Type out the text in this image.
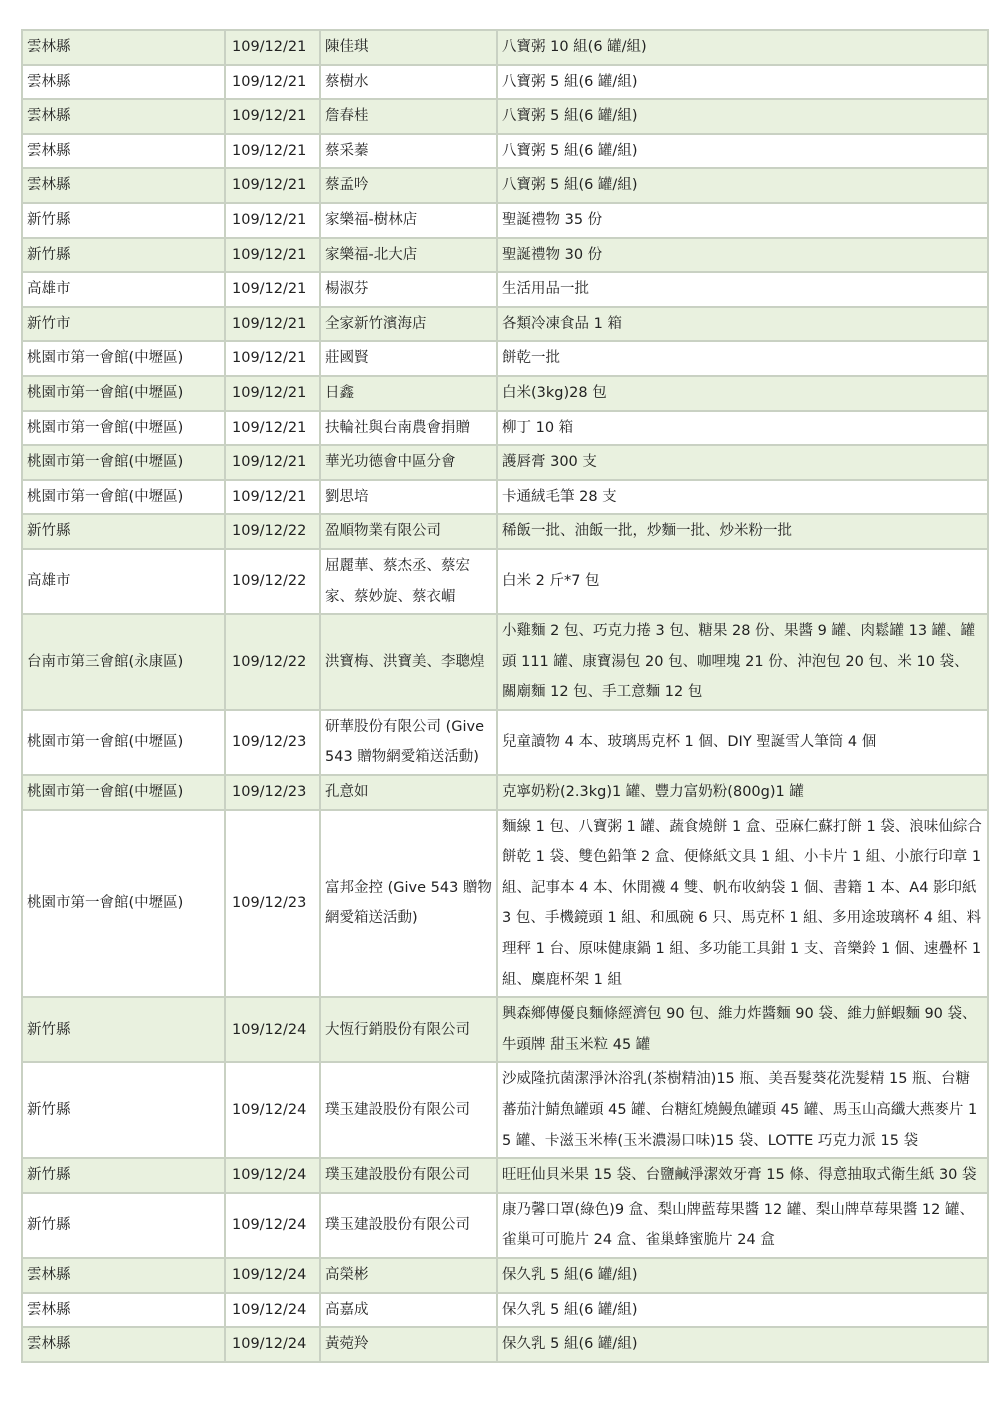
雲林縣	109/12/21	陳佳琪	八寶粥 10 組(6 罐/組)
雲林縣	109/12/21	蔡樹水	八寶粥 5 組(6 罐/組)
雲林縣	109/12/21	詹春桂	八寶粥 5 組(6 罐/組)
雲林縣	109/12/21	蔡采蓁	八寶粥 5 組(6 罐/組)
雲林縣	109/12/21	蔡孟吟	八寶粥 5 組(6 罐/組)
新竹縣	109/12/21	家樂福-樹林店	聖誕禮物 35 份
新竹縣	109/12/21	家樂福-北大店	聖誕禮物 30 份
高雄市	109/12/21	楊淑芬	生活用品一批
新竹市	109/12/21	全家新竹濱海店	各類冷凍食品 1 箱
桃園市第一會館(中壢區)	109/12/21	莊國賢	餅乾一批
桃園市第一會館(中壢區)	109/12/21	日鑫	白米(3kg)28 包
桃園市第一會館(中壢區)	109/12/21	扶輪社與台南農會捐贈	柳丁 10 箱
桃園市第一會館(中壢區)	109/12/21	華光功德會中區分會	護唇膏 300 支
桃園市第一會館(中壢區)	109/12/21	劉思培	卡通絨毛筆 28 支
新竹縣	109/12/22	盈順物業有限公司	稀飯一批、油飯一批，炒麵一批、炒米粉一批
高雄市	109/12/22	屈麗華、蔡杰丞、蔡宏家、蔡妙旋、蔡衣嵋	白米 2 斤*7 包
台南市第三會館(永康區)	109/12/22	洪寶梅、洪寶美、李聰煌	小雞麵 2 包、巧克力捲 3 包、糖果 28 份、果醬 9 罐、肉鬆罐 13 罐、罐頭 111 罐、康寶湯包 20 包、咖哩塊 21 份、沖泡包 20 包、米 10 袋、關廟麵 12 包、手工意麵 12 包
桃園市第一會館(中壢區)	109/12/23	研華股份有限公司 (Give 543 贈物網愛箱送活動)	兒童讀物 4 本、玻璃馬克杯 1 個、DIY 聖誕雪人筆筒 4 個
桃園市第一會館(中壢區)	109/12/23	孔意如	克寧奶粉(2.3kg)1 罐、豐力富奶粉(800g)1 罐
桃園市第一會館(中壢區)	109/12/23	富邦金控 (Give 543 贈物網愛箱送活動)	麵線 1 包、八寶粥 1 罐、蔬食燒餅 1 盒、亞麻仁蘇打餅 1 袋、浪味仙綜合餅乾 1 袋、雙色鉛筆 2 盒、便條紙文具 1 組、小卡片 1 組、小旅行印章 1 組、記事本 4 本、休閒襪 4 雙、帆布收納袋 1 個、書籍 1 本、A4 影印紙 3 包、手機鏡頭 1 組、和風碗 6 只、馬克杯 1 組、多用途玻璃杯 4 組、料理秤 1 台、原味健康鍋 1 組、多功能工具鉗 1 支、音樂鈴 1 個、速疊杯 1 組、麋鹿杯架 1 組
新竹縣	109/12/24	大恆行銷股份有限公司	興森鄉傳優良麵條經濟包 90 包、維力炸醬麵 90 袋、維力鮮蝦麵 90 袋、牛頭牌 甜玉米粒 45 罐
新竹縣	109/12/24	璞玉建設股份有限公司	沙威隆抗菌潔淨沐浴乳(茶樹精油)15 瓶、美吾髮葵花洗髮精 15 瓶、台糖蕃茄汁鯖魚罐頭 45 罐、台糖紅燒鰻魚罐頭 45 罐、馬玉山高纖大燕麥片 15 罐、卡滋玉米棒(玉米濃湯口味)15 袋、LOTTE 巧克力派 15 袋
新竹縣	109/12/24	璞玉建設股份有限公司	旺旺仙貝米果 15 袋、台鹽鹹淨潔效牙膏 15 條、得意抽取式衛生紙 30 袋
新竹縣	109/12/24	璞玉建設股份有限公司	康乃馨口罩(綠色)9 盒、梨山牌藍莓果醬 12 罐、梨山牌草莓果醬 12 罐、雀巢可可脆片 24 盒、雀巢蜂蜜脆片 24 盒
雲林縣	109/12/24	高榮彬	保久乳 5 組(6 罐/組)
雲林縣	109/12/24	高嘉成	保久乳 5 組(6 罐/組)
雲林縣	109/12/24	黃菀羚	保久乳 5 組(6 罐/組)
